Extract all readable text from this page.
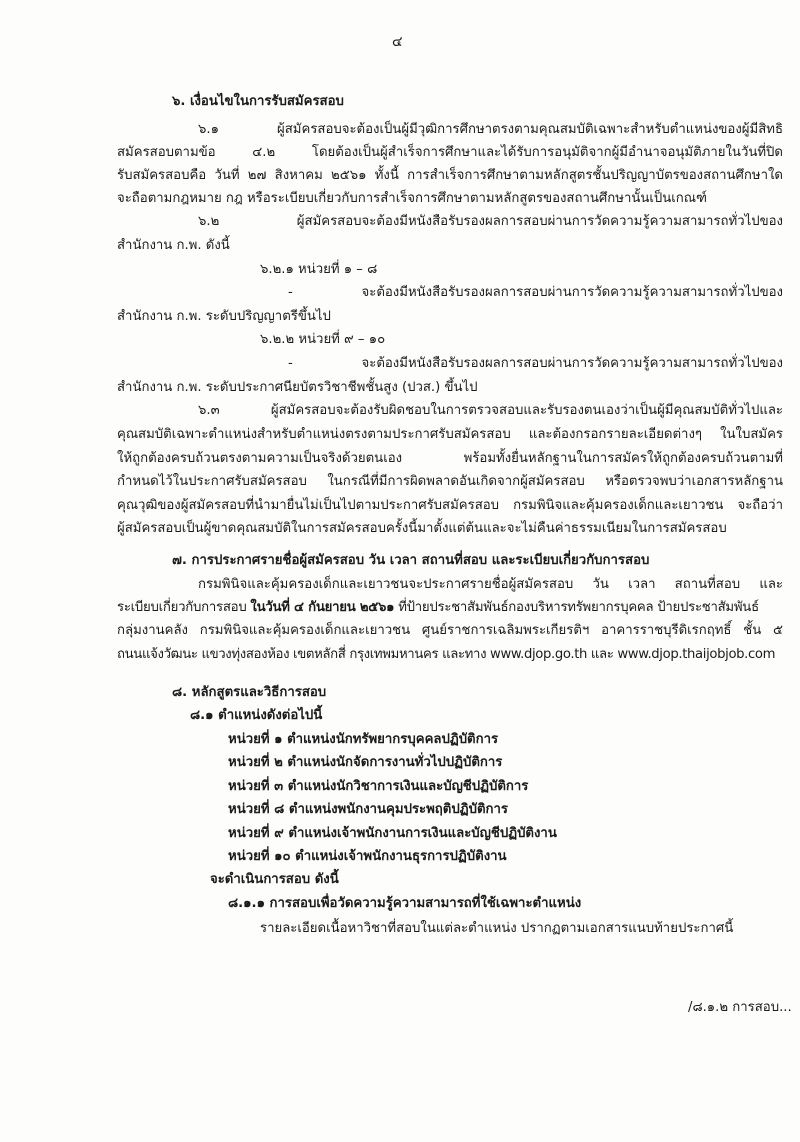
๔
๖. เงื่อนไขในการรับสมัครสอบ
๖.๑ ผู้สมัครสอบจะต้องเป็นผู้มีวุฒิการศึกษาตรงตามคุณสมบัติเฉพาะสำหรับตำแหน่งของผู้มีสิทธิ
สมัครสอบตามข้อ ๔.๒ โดยต้องเป็นผู้สำเร็จการศึกษาและได้รับการอนุมัติจากผู้มีอำนาจอนุมัติภายในวันที่ปิด
รับสมัครสอบคือ วันที่ ๒๗ สิงหาคม ๒๕๖๑ ทั้งนี้ การสำเร็จการศึกษาตามหลักสูตรชั้นปริญญาบัตรของสถานศึกษาใด
จะถือตามกฎหมาย กฎ หรือระเบียบเกี่ยวกับการสำเร็จการศึกษาตามหลักสูตรของสถานศึกษานั้นเป็นเกณฑ์
๖.๒ ผู้สมัครสอบจะต้องมีหนังสือรับรองผลการสอบผ่านการวัดความรู้ความสามารถทั่วไปของ
สำนักงาน ก.พ. ดังนี้
๖.๒.๑ หน่วยที่ ๑ – ๘
- จะต้องมีหนังสือรับรองผลการสอบผ่านการวัดความรู้ความสามารถทั่วไปของ
สำนักงาน ก.พ. ระดับปริญญาตรีขึ้นไป
๖.๒.๒ หน่วยที่ ๙ – ๑๐
- จะต้องมีหนังสือรับรองผลการสอบผ่านการวัดความรู้ความสามารถทั่วไปของ
สำนักงาน ก.พ. ระดับประกาศนียบัตรวิชาชีพชั้นสูง (ปวส.) ขึ้นไป
๖.๓ ผู้สมัครสอบจะต้องรับผิดชอบในการตรวจสอบและรับรองตนเองว่าเป็นผู้มีคุณสมบัติทั่วไปและ
คุณสมบัติเฉพาะตำแหน่งสำหรับตำแหน่งตรงตามประกาศรับสมัครสอบ และต้องกรอกรายละเอียดต่างๆ ในใบสมัคร
ให้ถูกต้องครบถ้วนตรงตามความเป็นจริงด้วยตนเอง พร้อมทั้งยื่นหลักฐานในการสมัครให้ถูกต้องครบถ้วนตามที่
กำหนดไว้ในประกาศรับสมัครสอบ ในกรณีที่มีการผิดพลาดอันเกิดจากผู้สมัครสอบ หรือตรวจพบว่าเอกสารหลักฐาน
คุณวุฒิของผู้สมัครสอบที่นำมายื่นไม่เป็นไปตามประกาศรับสมัครสอบ กรมพินิจและคุ้มครองเด็กและเยาวชน จะถือว่า
ผู้สมัครสอบเป็นผู้ขาดคุณสมบัติในการสมัครสอบครั้งนี้มาตั้งแต่ต้นและจะไม่คืนค่าธรรมเนียมในการสมัครสอบ
๗. การประกาศรายชื่อผู้สมัครสอบ วัน เวลา สถานที่สอบ และระเบียบเกี่ยวกับการสอบ
กรมพินิจและคุ้มครองเด็กและเยาวชนจะประกาศรายชื่อผู้สมัครสอบ วัน เวลา สถานที่สอบ และ
ระเบียบเกี่ยวกับการสอบ ในวันที่ ๔ กันยายน ๒๕๖๑ ที่ป้ายประชาสัมพันธ์กองบริหารทรัพยากรบุคคล ป้ายประชาสัมพันธ์
กลุ่มงานคลัง กรมพินิจและคุ้มครองเด็กและเยาวชน ศูนย์ราชการเฉลิมพระเกียรติฯ อาคารราชบุรีดิเรกฤทธิ์ ชั้น ๕
ถนนแจ้งวัฒนะ แขวงทุ่งสองห้อง เขตหลักสี่ กรุงเทพมหานคร และทาง www.djop.go.th และ www.djop.thaijobjob.com
๘. หลักสูตรและวิธีการสอบ
๘.๑ ตำแหน่งดังต่อไปนี้
หน่วยที่ ๑ ตำแหน่งนักทรัพยากรบุคคลปฏิบัติการ
หน่วยที่ ๒ ตำแหน่งนักจัดการงานทั่วไปปฏิบัติการ
หน่วยที่ ๓ ตำแหน่งนักวิชาการเงินและบัญชีปฏิบัติการ
หน่วยที่ ๘ ตำแหน่งพนักงานคุมประพฤติปฏิบัติการ
หน่วยที่ ๙ ตำแหน่งเจ้าพนักงานการเงินและบัญชีปฏิบัติงาน
หน่วยที่ ๑๐ ตำแหน่งเจ้าพนักงานธุรการปฏิบัติงาน
จะดำเนินการสอบ ดังนี้
๘.๑.๑ การสอบเพื่อวัดความรู้ความสามารถที่ใช้เฉพาะตำแหน่ง
รายละเอียดเนื้อหาวิชาที่สอบในแต่ละตำแหน่ง ปรากฏตามเอกสารแนบท้ายประกาศนี้
/๘.๑.๒ การสอบ...
